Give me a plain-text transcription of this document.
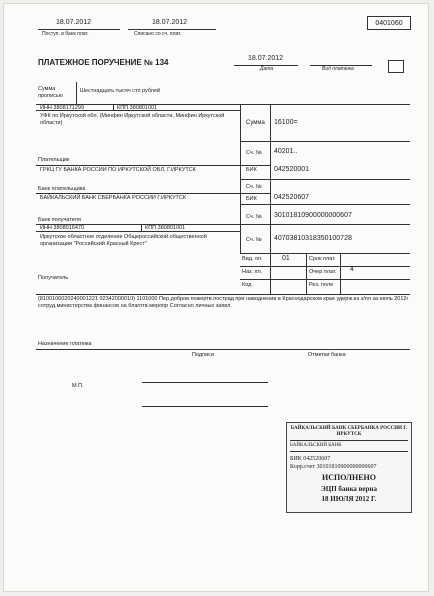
18.07.2012
Поступ. в банк плат.
18.07.2012
Списано со сч. плат.
0401060
ПЛАТЕЖНОЕ ПОРУЧЕНИЕ № 134	18.07.2012
Дата	Вид платежа
Сумма
прописью
Шестнадцать тысяч сто рублей
ИНН 3808171299	КПП 380801001
УФК по Иркутской обл. (Минфин Иркутской области, Минфин Иркутской области)
Плательщик
Сумма 16100=
Сч. № 40201..
ГРКЦ ГУ БАНКА РОССИИ ПО ИРКУТСКОЙ ОБЛ. Г.ИРКУТСК
Банк плательщика
БИК 042520001
Сч. №
БАЙКАЛЬСКИЙ БАНК СБЕРБАНКА РОССИИ Г.ИРКУТСК
Банк получателя
БИК 042520607
Сч. № 30101810900000000607
ИНН 3808016470	КПП 380801001
Иркутское областное отделение Общероссийской общественной организации "Российский Красный Крест"
Получатель
Сч. № 40703810318350100728
Вид. оп.	01	Срок плат.
Наз. пл.	Очер плат. 4
Код	Рез. поле
(8100106020240001221 02342000010) 1101000 Пер.добров пожертв.пострад при наводнении в Краснодарском крае удерж.из з/пл за июль 2012г сотруд.министерства финансов на благотв.меропр Согласно личных заявл.
Назначение платежа
Подписи	Отметки банка
М.П.
БАЙКАЛЬСКИЙ БАНК СБЕРБАНКА РОССИИ Г. ИРКУТСК
БАЙКАЛЬСКИЙ БАНК
БИК 042520607
Корр.счет 30101810900000000607
ИСПОЛНЕНО
ЭЦП банка верна
18 ИЮЛЯ 2012 Г.
